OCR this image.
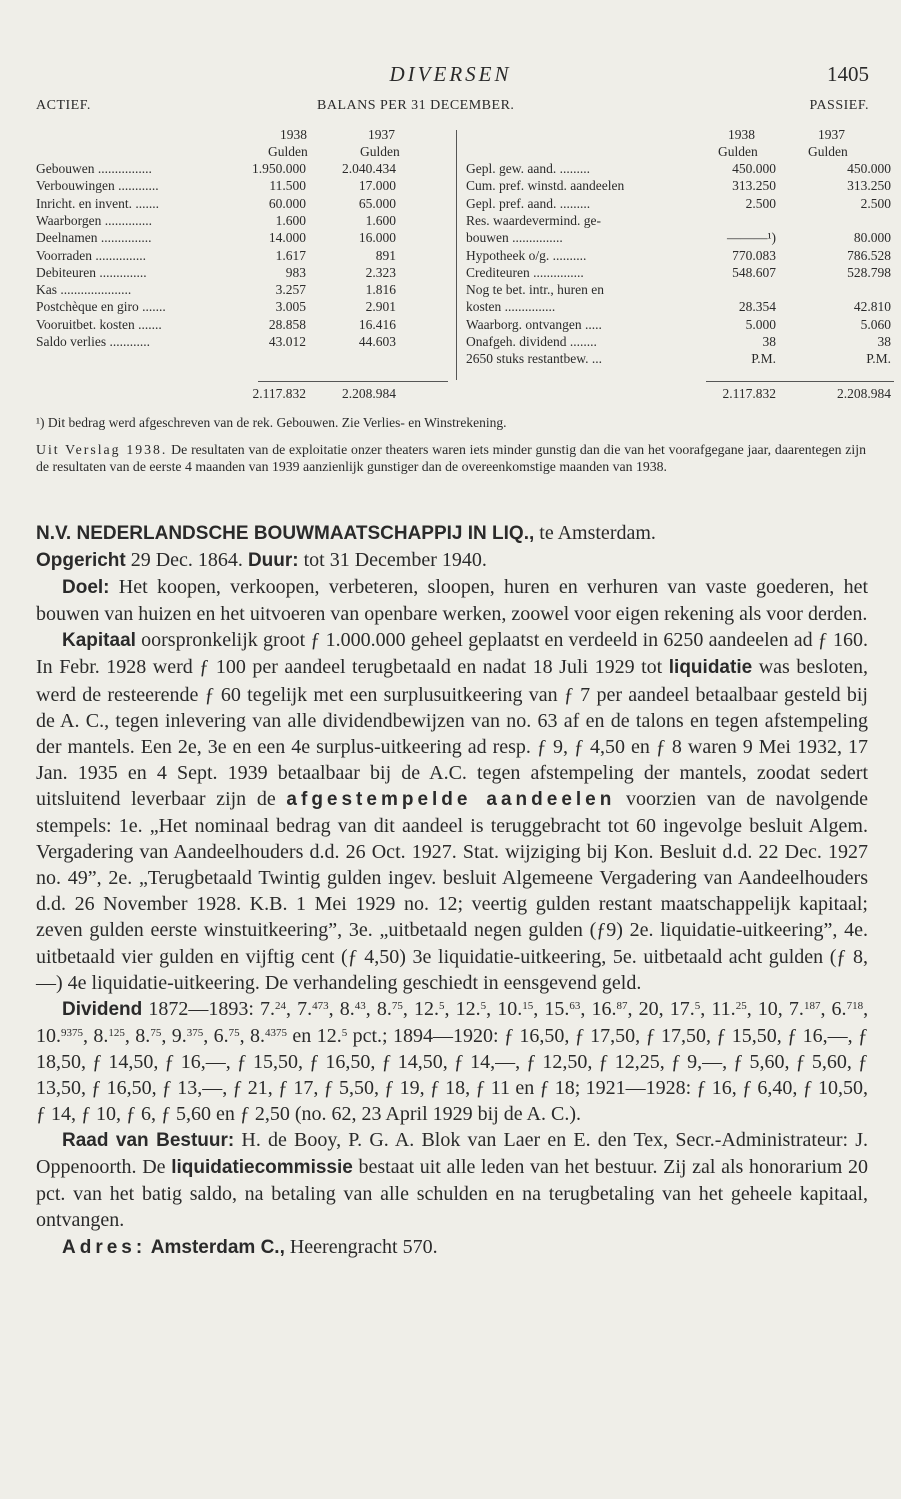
DIVERSEN	1405
ACTIEF.	BALANS PER 31 DECEMBER.	PASSIEF.
1938	1937
Gulden	Gulden
1938	1937
Gulden	Gulden
Gebouwen ................	1.950.000	2.040.434
Verbouwingen ............	11.500	17.000
Inricht. en invent. .......	60.000	65.000
Waarborgen ..............	1.600	1.600
Deelnamen ...............	14.000	16.000
Voorraden ...............	1.617	891
Debiteuren ..............	983	2.323
Kas .....................	3.257	1.816
Postchèque en giro .......	3.005	2.901
Vooruitbet. kosten .......	28.858	16.416
Saldo verlies ............	43.012	44.603
Gepl. gew. aand. .........	450.000	450.000
Cum. pref. winstd. aandeelen	313.250	313.250
Gepl. pref. aand. .........	2.500	2.500
Res. waardevermind. ge-
bouwen ...............	———¹)	80.000
Hypotheek o/g. ..........	770.083	786.528
Crediteuren ...............	548.607	528.798
Nog te bet. intr., huren en
kosten ...............	28.354	42.810
Waarborg. ontvangen .....	5.000	5.060
Onafgeh. dividend ........	38	38
2650 stuks restantbew. ...	P.M.	P.M.
2.117.832	2.208.984	2.117.832	2.208.984
¹) Dit bedrag werd afgeschreven van de rek. Gebouwen. Zie Verlies- en Winstrekening.
Uit Verslag 1938. De resultaten van de exploitatie onzer theaters waren iets minder gunstig dan die van het voorafgegane jaar, daarentegen zijn de resultaten van de eerste 4 maanden van 1939 aanzienlijk gunstiger dan de overeenkomstige maanden van 1938.

N.V. NEDERLANDSCHE BOUWMAATSCHAPPIJ IN LIQ., te Amsterdam.

Opgericht 29 Dec. 1864. Duur: tot 31 December 1940.

Doel: Het koopen, verkoopen, verbeteren, sloopen, huren en verhuren van vaste goederen, het bouwen van huizen en het uitvoeren van openbare werken, zoowel voor eigen rekening als voor derden.

Kapitaal oorspronkelijk groot ƒ 1.000.000 geheel geplaatst en verdeeld in 6250 aandeelen ad ƒ 160. In Febr. 1928 werd ƒ 100 per aandeel terugbetaald en nadat 18 Juli 1929 tot liquidatie was besloten, werd de resteerende ƒ 60 tegelijk met een surplusuitkeering van ƒ 7 per aandeel betaalbaar gesteld bij de A. C., tegen inlevering van alle dividendbewijzen van no. 63 af en de talons en tegen afstempeling der mantels. Een 2e, 3e en een 4e surplus-uitkeering ad resp. ƒ 9, ƒ 4,50 en ƒ 8 waren 9 Mei 1932, 17 Jan. 1935 en 4 Sept. 1939 betaalbaar bij de A.C. tegen afstempeling der mantels, zoodat sedert uitsluitend leverbaar zijn de afgestempelde aandeelen voorzien van de navolgende stempels: 1e. „Het nominaal bedrag van dit aandeel is teruggebracht tot 60 ingevolge besluit Algem. Vergadering van Aandeelhouders d.d. 26 Oct. 1927. Stat. wijziging bij Kon. Besluit d.d. 22 Dec. 1927 no. 49”, 2e. „Terugbetaald Twintig gulden ingev. besluit Algemeene Vergadering van Aandeelhouders d.d. 26 November 1928. K.B. 1 Mei 1929 no. 12; veertig gulden restant maatschappelijk kapitaal; zeven gulden eerste winstuitkeering”, 3e. „uitbetaald negen gulden (ƒ9) 2e. liquidatie-uitkeering”, 4e. uitbetaald vier gulden en vijftig cent (ƒ 4,50) 3e liquidatie-uitkeering, 5e. uitbetaald acht gulden (ƒ 8,—) 4e liquidatie-uitkeering. De verhandeling geschiedt in eensgevend geld.

Dividend 1872—1893: 7.24, 7.$^{473}$, 8.43, 8.75, 12.$^5$, 12.$^5$, 10.15, 15.63, 16.87, 20, 17.$^5$, 11.25, 10, 7.$^{187}$, 6.$^{718}$, 10.$^{9375}$, 8.$^{125}$, 8.75, 9.$^{375}$, 6.75, 8.$^{4375}$ en 12.$^5$ pct.; 1894—1920: ƒ 16,50, ƒ 17,50, ƒ 17,50, ƒ 15,50, ƒ 16,—, ƒ 18,50, ƒ 14,50, ƒ 16,—, ƒ 15,50, ƒ 16,50, ƒ 14,50, ƒ 14,—, ƒ 12,50, ƒ 12,25, ƒ 9,—, ƒ 5,60, ƒ 5,60, ƒ 13,50, ƒ 16,50, ƒ 13,—, ƒ 21, ƒ 17, ƒ 5,50, ƒ 19, ƒ 18, ƒ 11 en ƒ 18; 1921—1928: ƒ 16, ƒ 6,40, ƒ 10,50, ƒ 14, ƒ 10, ƒ 6, ƒ 5,60 en ƒ 2,50 (no. 62, 23 April 1929 bij de A. C.).

Raad van Bestuur: H. de Booy, P. G. A. Blok van Laer en E. den Tex, Secr.-Administrateur: J. Oppenoorth. De liquidatiecommissie bestaat uit alle leden van het bestuur. Zij zal als honorarium 20 pct. van het batig saldo, na betaling van alle schulden en na terugbetaling van het geheele kapitaal, ontvangen.

Adres: Amsterdam C., Heerengracht 570.
